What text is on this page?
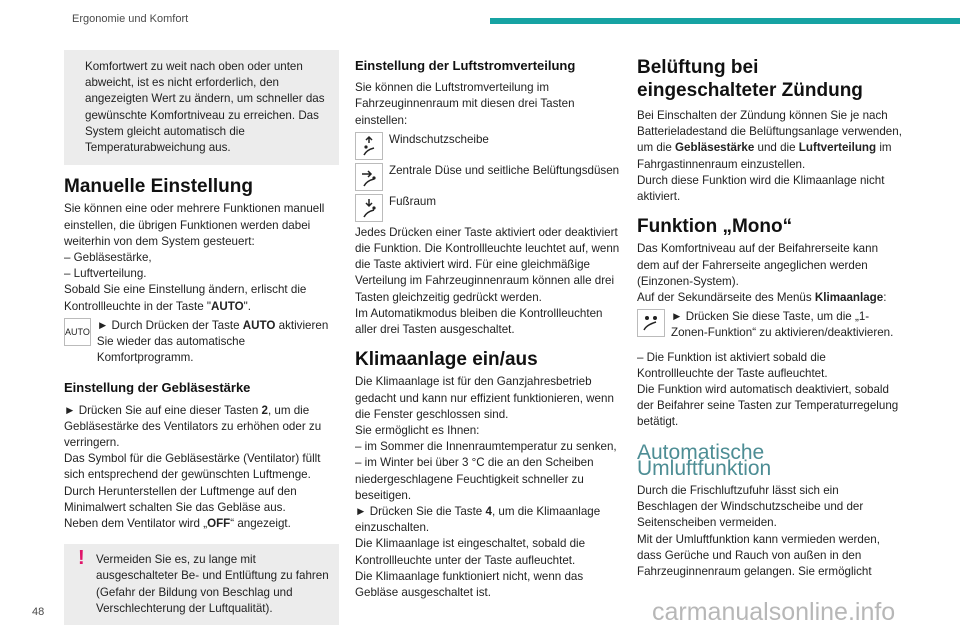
Ergonomie und Komfort

Komfortwert zu weit nach oben oder unten abweicht, ist es nicht erforderlich, den angezeigten Wert zu ändern, um schneller das gewünschte Komfortniveau zu erreichen. Das System gleicht automatisch die Temperaturabweichung aus.

Manuelle Einstellung

Sie können eine oder mehrere Funktionen manuell einstellen, die übrigen Funktionen werden dabei weiterhin von dem System gesteuert:

– Gebläsestärke,

– Luftverteilung.

Sobald Sie eine Einstellung ändern, erlischt die Kontrollleuchte in der Taste "AUTO".

AUTO ► Durch Drücken der Taste AUTO aktivieren Sie wieder das automatische Komfortprogramm.

Einstellung der Gebläsestärke

► Drücken Sie auf eine dieser Tasten 2, um die Gebläsestärke des Ventilators zu erhöhen oder zu verringern.

Das Symbol für die Gebläsestärke (Ventilator) füllt sich entsprechend der gewünschten Luftmenge.

Durch Herunterstellen der Luftmenge auf den Minimalwert schalten Sie das Gebläse aus.

Neben dem Ventilator wird „OFF“ angezeigt.

! Vermeiden Sie es, zu lange mit ausgeschalteter Be- und Entlüftung zu fahren (Gefahr der Bildung von Beschlag und Verschlechterung der Luftqualität).

Einstellung der Luftstromverteilung

Sie können die Luftstromverteilung im Fahrzeuginnenraum mit diesen drei Tasten einstellen:

Windschutzscheibe
Zentrale Düse und seitliche Belüftungsdüsen
Fußraum

Jedes Drücken einer Taste aktiviert oder deaktiviert die Funktion. Die Kontrollleuchte leuchtet auf, wenn die Taste aktiviert wird. Für eine gleichmäßige Verteilung im Fahrzeuginnenraum können alle drei Tasten gleichzeitig gedrückt werden.

Im Automatikmodus bleiben die Kontrollleuchten aller drei Tasten ausgeschaltet.

Klimaanlage ein/aus

Die Klimaanlage ist für den Ganzjahresbetrieb gedacht und kann nur effizient funktionieren, wenn die Fenster geschlossen sind.

Sie ermöglicht es Ihnen:

– im Sommer die Innenraumtemperatur zu senken,

– im Winter bei über 3 °C die an den Scheiben niedergeschlagene Feuchtigkeit schneller zu beseitigen.

► Drücken Sie die Taste 4, um die Klimaanlage einzuschalten.

Die Klimaanlage ist eingeschaltet, sobald die Kontrollleuchte unter der Taste aufleuchtet.

Die Klimaanlage funktioniert nicht, wenn das Gebläse ausgeschaltet ist.

Belüftung bei eingeschalteter Zündung

Bei Einschalten der Zündung können Sie je nach Batterieladestand die Belüftungsanlage verwenden, um die Gebläsestärke und die Luftverteilung im Fahrgastinnenraum einzustellen.

Durch diese Funktion wird die Klimaanlage nicht aktiviert.

Funktion „Mono“

Das Komfortniveau auf der Beifahrerseite kann dem auf der Fahrerseite angeglichen werden (Einzonen-System).

Auf der Sekundärseite des Menüs Klimaanlage:

► Drücken Sie diese Taste, um die „1-Zonen-Funktion“ zu aktivieren/deaktivieren.

– Die Funktion ist aktiviert sobald die Kontrollleuchte der Taste aufleuchtet.

Die Funktion wird automatisch deaktiviert, sobald der Beifahrer seine Tasten zur Temperaturregelung betätigt.

Automatische Umluftfunktion

Durch die Frischluftzufuhr lässt sich ein Beschlagen der Windschutzscheibe und der Seitenscheiben vermeiden.

Mit der Umluftfunktion kann vermieden werden, dass Gerüche und Rauch von außen in den Fahrzeuginnenraum gelangen. Sie ermöglicht

48	carmanualsonline.info
